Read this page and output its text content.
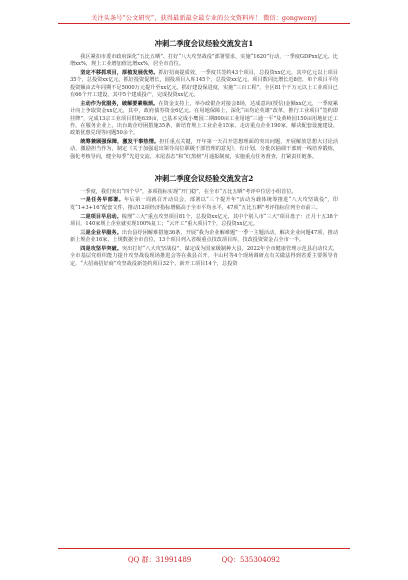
关注头条号“公文研究”，获得最新最全最专业的公文资料库！ 微信：gongwenyj
冲刺二季度会议经验交流发言1

我区紧扣市委市政府深化“五比五晒”、打好“八大攻坚战役”部署要求，实施“1620”行动，一季度GDPxx亿元、比增xx%，规上工业增加值比增xx%，居全市首位。

坚定不移抓项目，厚植发展优势。抓好招商提质效，一季度共签约43个项目，总投资xx亿元，其中亿元以上项目35个，总投资xx亿元，抓好投资促增长，圆投项目入库145个，总投资xx亿元，项目数同比增长近8倍，单个项目平均投资额由去年同期不足5000万元提升至xx亿元。抓好建设保进度，实施“三百工程”，全区81个千万元以上工业项目已有66个开工建设，其中5个建成投产，完成投资xx亿元。

主动作为优服务，破解要素瓶颈。在资金支持上，举办政银企对接会8场，达成意向(授信)金额xx亿元，一季度累计向上争取资金xx亿元，其中，政府债券资金6亿元。在用地保障上，深化“亩均论英雄”改革，推行工业项目“签约即挂牌”，完成13宗工业项目供地639亩，已基本完成小鹰园二期800亩工业用地“三通一平”及黄岭园150亩用地征迁工作。在服务企业上，出台助企纾困措施35条，新培育规上工业企业15家，走访重点企业190家，解决配套设施建设、政策优惠兑现等问题50余个。

统筹兼顾强保障，激发干事热情。担任重点关键，开年第一天召开思想理面的突出问题，开展解放思想大讨论活动，激励担当作为，制定《关于加强退出领导岗位职级干部管理的意见》，有计划、分批次抽调干部到一线培养锻炼，强化考核导向，健全每季“先进交流、末尾表态”和“红黑榜”月通报制度，实施重点任务督查，打紧责任链条。

冲刺二季度会议经验交流发言2

一季度，我们突出“四个早”，多项指标实现“开门稳”，在全市“五比五晒”考评中位居小组首位。

一是任务早部署。年后第一周就召开动员会，部署以“三个提升年”活动为载体统筹推进“八大攻坚战役”，印发“1+3+16”配套文件，推动12项经济指标增幅高于全市平均水平，47项“五比五晒”考评指标位列全市前三。

二是项目早启动。梳理“三大”重点攻坚项目81个，总投资xx亿元，其中个别人市“三大”项目盘子：正月十五38个项目，140家规上企业就实现100%复工；“云开工”重大项目7个，总投资xx亿元。

三是企业早服务。出台县纾困解难措施36条，开展“我为企业解难题”一季一主题活动，解决企业问题47项，推动新上规企业16家，上规数据全市首位，13个项目列入省级重点技改项目库，技改投资资金占全市一半。

四是攻坚早突破。突出打好“八大攻坚战役”，谋定成为国家级制种大县，2022年全市健康管理示范县启动仪式，全市基层党组织能力提升攻坚战役现场推进会等在我县召开。丰山村等4个现场调研点有关做法得到省委主要领导肯定，“大招商招好商”攻坚战役新签约项目32个、新开工项目14个，总投资

QQ 群：31991489	QQ：535304092
